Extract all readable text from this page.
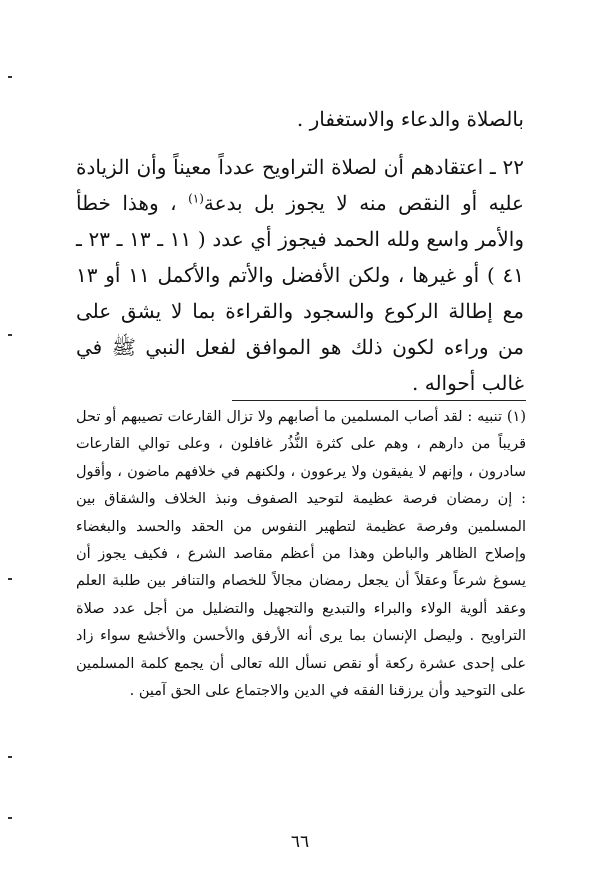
بالصلاة والدعاء والاستغفار .

٢٢ ـ اعتقادهم أن لصلاة التراويح عدداً معيناً وأن الزيادة عليه أو النقص منه لا يجوز بل بدعة$^{(١)}$ ، وهذا خطأ والأمر واسع ولله الحمد فيجوز أي عدد ( ١١ ـ ١٣ ـ ٢٣ ـ ٤١ ) أو غيرها ، ولكن الأفضل والأتم والأكمل ١١ أو ١٣ مع إطالة الركوع والسجود والقراءة بما لا يشق على من وراءه لكون ذلك هو الموافق لفعل النبي ﷺ في غالب أحواله .

(١) تنبيه : لقد أصاب المسلمين ما أصابهم ولا تزال القارعات تصيبهم أو تحل قريباً من دارهم ، وهم على كثرة النُّذُر غافلون ، وعلى توالي القارعات سادرون ، وإنهم لا يفيقون ولا يرعوون ، ولكنهم في خلافهم ماضون ، وأقول : إن رمضان فرصة عظيمة لتوحيد الصفوف ونبذ الخلاف والشقاق بين المسلمين وفرصة عظيمة لتطهير النفوس من الحقد والحسد والبغضاء وإصلاح الظاهر والباطن وهذا من أعظم مقاصد الشرع ، فكيف يجوز أن يسوغ شرعاً وعقلاً أن يجعل رمضان مجالاً للخصام والتنافر بين طلبة العلم وعقد ألوية الولاء والبراء والتبديع والتجهيل والتضليل من أجل عدد صلاة التراويح . وليصل الإنسان بما يرى أنه الأرفق والأحسن والأخشع سواء زاد على إحدى عشرة ركعة أو نقص نسأل الله تعالى أن يجمع كلمة المسلمين على التوحيد وأن يرزقنا الفقه في الدين والاجتماع على الحق آمين .

٦٦
